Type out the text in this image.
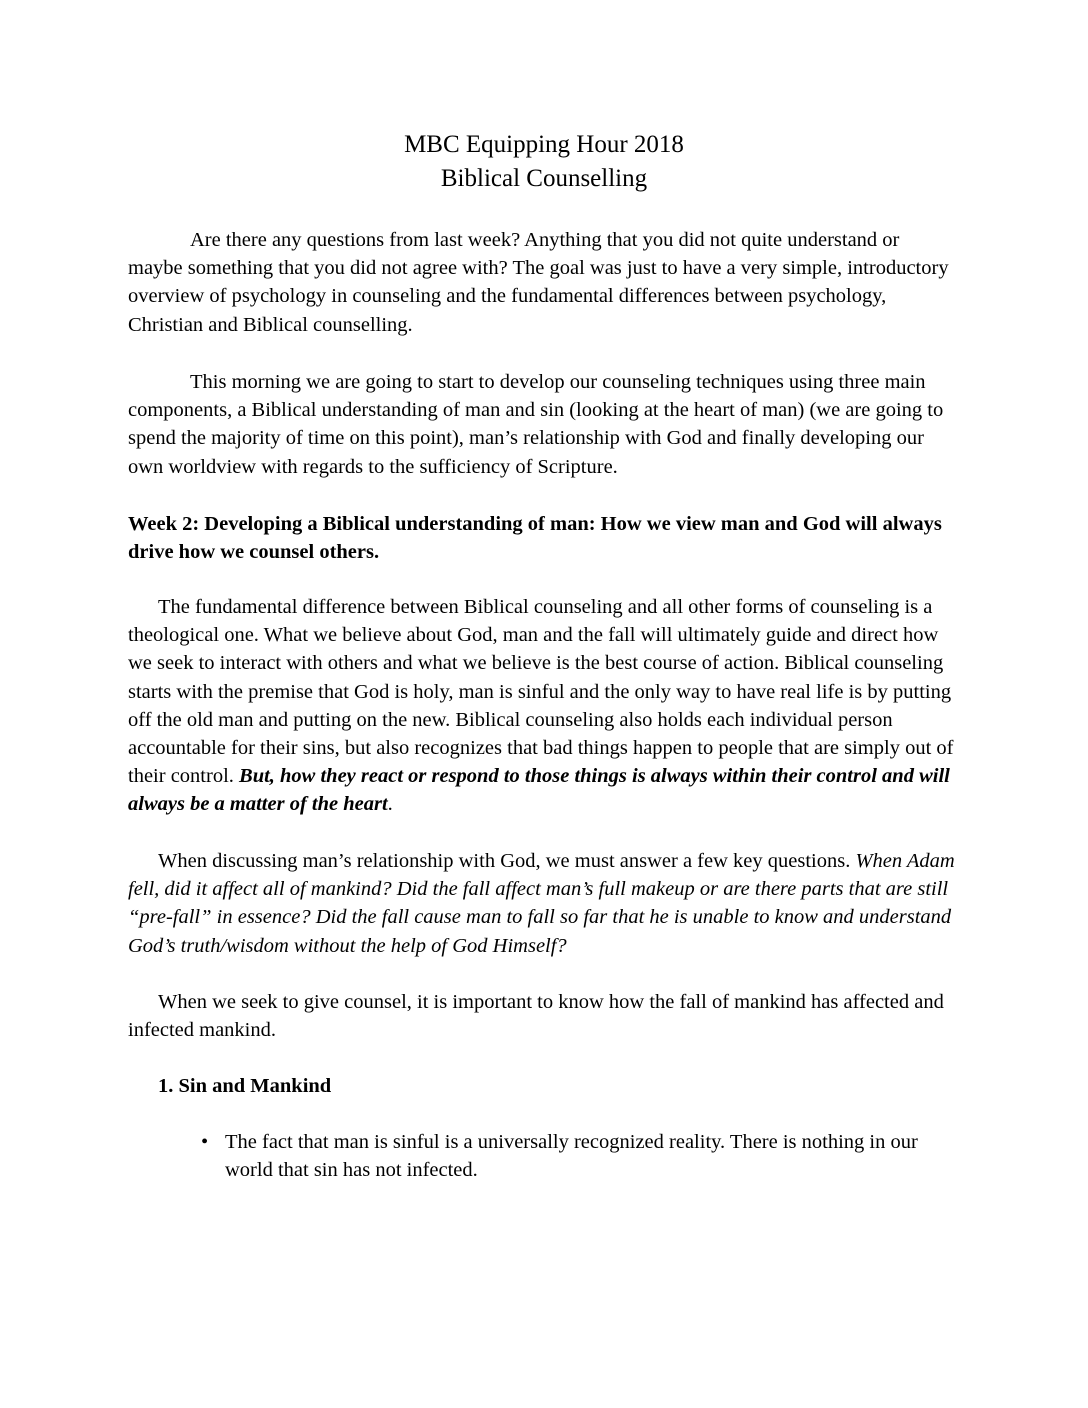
MBC Equipping Hour 2018
Biblical Counselling

Are there any questions from last week? Anything that you did not quite understand or maybe something that you did not agree with? The goal was just to have a very simple, introductory overview of psychology in counseling and the fundamental differences between psychology, Christian and Biblical counselling.

This morning we are going to start to develop our counseling techniques using three main components, a Biblical understanding of man and sin (looking at the heart of man) (we are going to spend the majority of time on this point), man’s relationship with God and finally developing our own worldview with regards to the sufficiency of Scripture.

Week 2: Developing a Biblical understanding of man: How we view man and God will always drive how we counsel others.

The fundamental difference between Biblical counseling and all other forms of counseling is a theological one. What we believe about God, man and the fall will ultimately guide and direct how we seek to interact with others and what we believe is the best course of action. Biblical counseling starts with the premise that God is holy, man is sinful and the only way to have real life is by putting off the old man and putting on the new. Biblical counseling also holds each individual person accountable for their sins, but also recognizes that bad things happen to people that are simply out of their control. But, how they react or respond to those things is always within their control and will always be a matter of the heart.

When discussing man’s relationship with God, we must answer a few key questions. When Adam fell, did it affect all of mankind? Did the fall affect man’s full makeup or are there parts that are still “pre-fall” in essence? Did the fall cause man to fall so far that he is unable to know and understand God’s truth/wisdom without the help of God Himself?

When we seek to give counsel, it is important to know how the fall of mankind has affected and infected mankind.

1. Sin and Mankind

• The fact that man is sinful is a universally recognized reality. There is nothing in our world that sin has not infected.
